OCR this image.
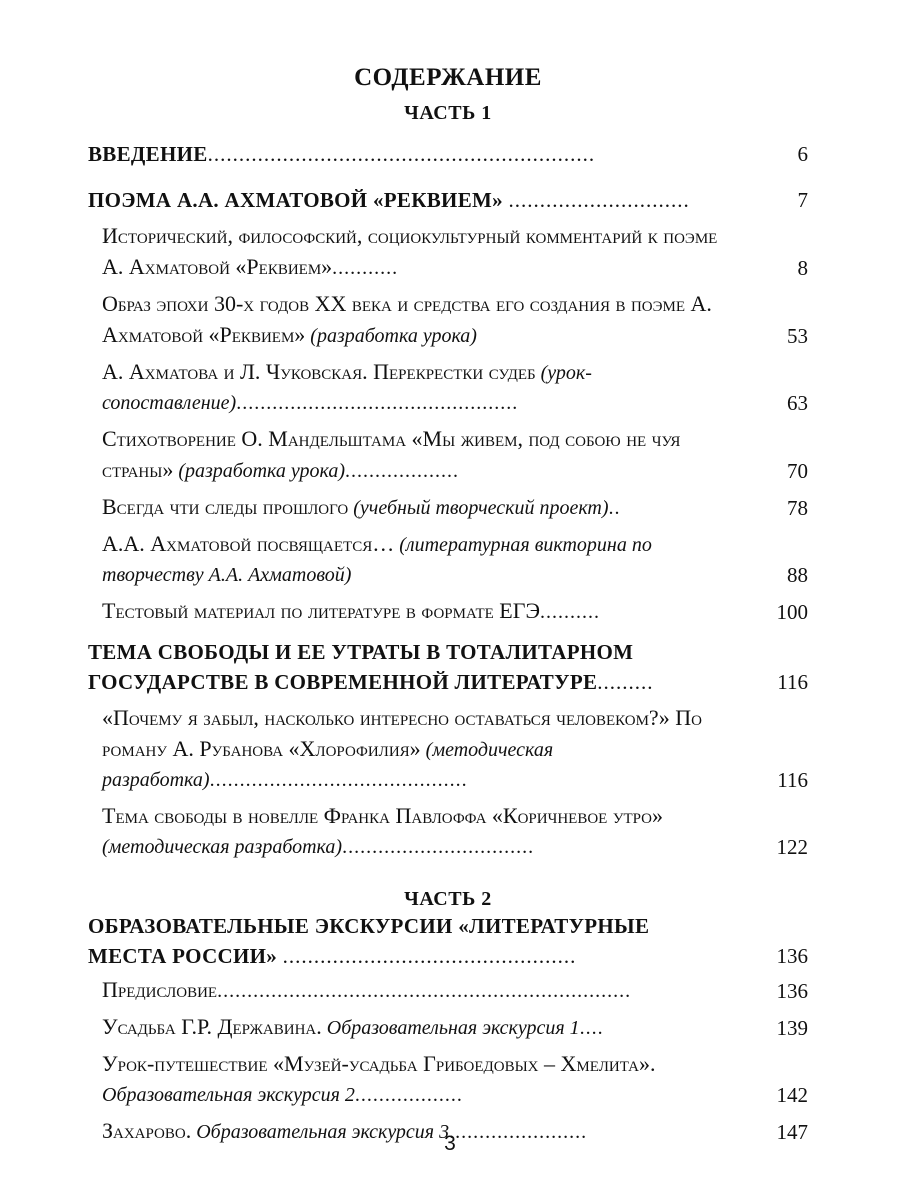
СОДЕРЖАНИЕ
ЧАСТЬ 1
ВВЕДЕНИЕ..............................................................	6
ПОЭМА А.А. АХМАТОВОЙ «РЕКВИЕМ» .............................	7
Исторический, философский, социокультурный комментарий к поэме А. Ахматовой «Реквием»...........	8
Образ эпохи 30-х годов XX века и средства его создания в поэме А. Ахматовой «Реквием» (разработка урока)	53
А. Ахматова и Л. Чуковская. Перекрестки судеб (урок-сопоставление)...............................................	63
Стихотворение О. Мандельштама «Мы живем, под собою не чуя страны» (разработка урока)...................	70
Всегда чти следы прошлого (учебный творческий проект)..	78
А.А. Ахматовой посвящается… (литературная викторина по творчеству А.А. Ахматовой)	88
Тестовый материал по литературе в формате ЕГЭ..........	100
ТЕМА СВОБОДЫ И ЕЕ УТРАТЫ В ТОТАЛИТАРНОМ ГОСУДАРСТВЕ В СОВРЕМЕННОЙ ЛИТЕРАТУРЕ.........	116
«Почему я забыл, насколько интересно оставаться человеком?» По роману А. Рубанова «Хлорофилия» (методическая разработка)...........................................	116
Тема свободы в новелле Франка Павлоффа «Коричневое утро» (методическая разработка)................................	122
ЧАСТЬ 2
ОБРАЗОВАТЕЛЬНЫЕ ЭКСКУРСИИ «ЛИТЕРАТУРНЫЕ МЕСТА РОССИИ» ...............................................	136
Предисловие.....................................................................	136
Усадьба Г.Р. Державина. Образовательная экскурсия 1....	139
Урок-путешествие «Музей-усадьба Грибоедовых – Хмелита». Образовательная экскурсия 2..................	142
Захарово. Образовательная экскурсия 3.......................	147
3
